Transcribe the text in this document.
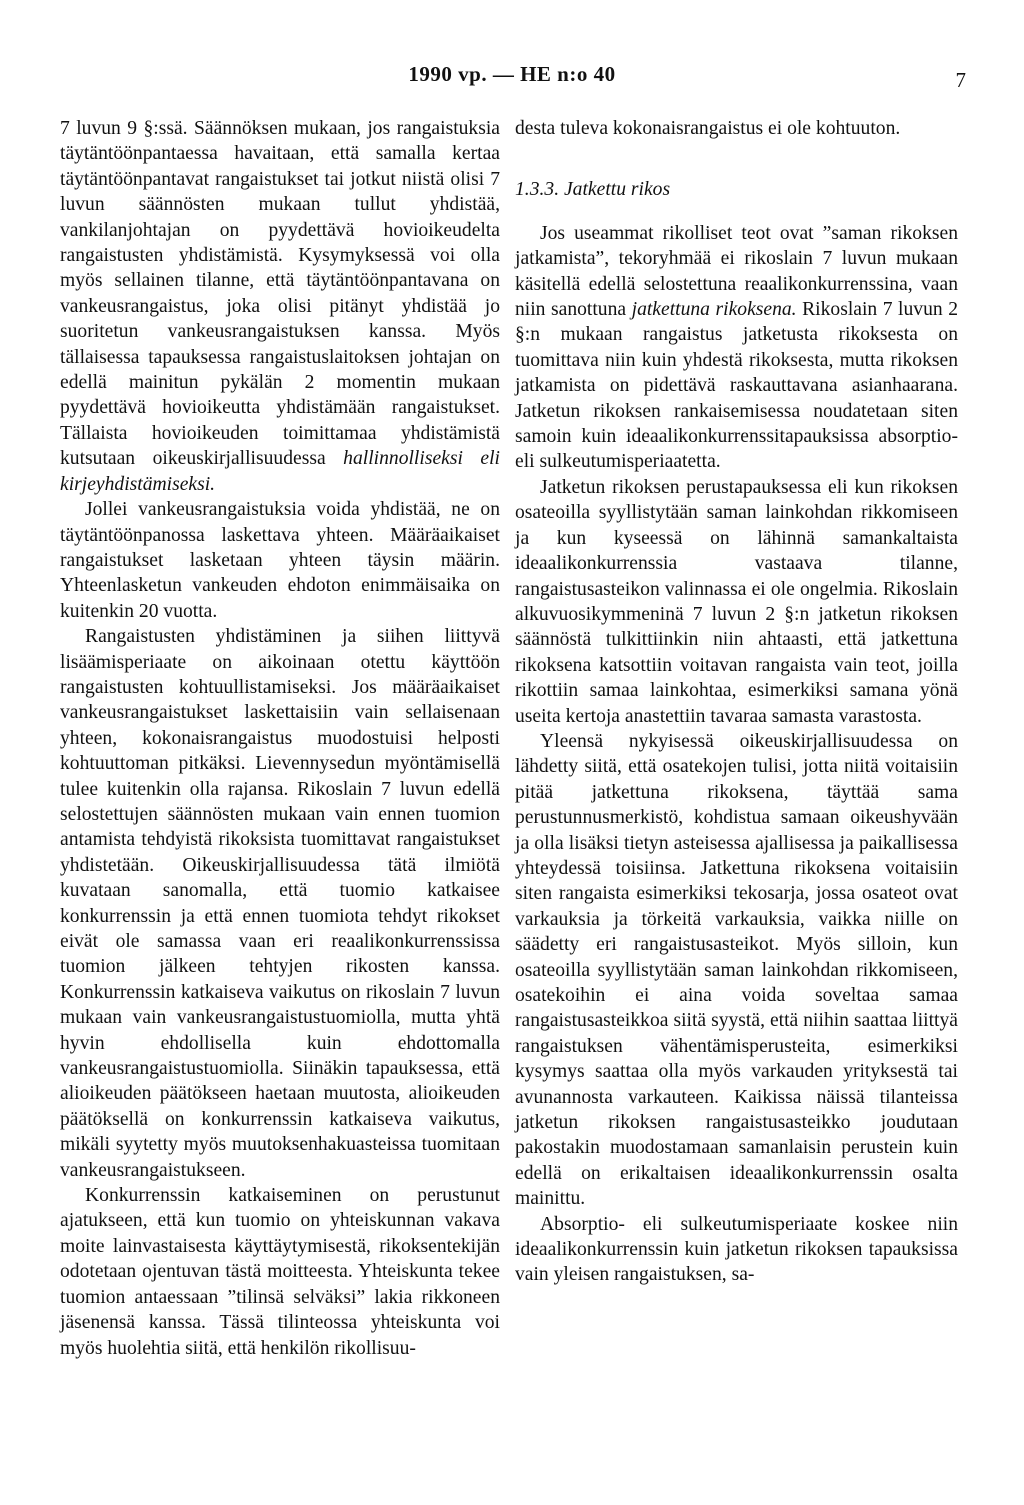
1990 vp. — HE n:o 40	7

7 luvun 9 §:ssä. Säännöksen mukaan, jos rangaistuksia täytäntöönpantaessa havaitaan, että samalla kertaa täytäntöönpantavat rangaistukset tai jotkut niistä olisi 7 luvun säännösten mukaan tullut yhdistää, vankilanjohtajan on pyydettävä hovioikeudelta rangaistusten yhdistämistä. Kysymyksessä voi olla myös sellainen tilanne, että täytäntöönpantavana on vankeusrangaistus, joka olisi pitänyt yhdistää jo suoritetun vankeusrangaistuksen kanssa. Myös tällaisessa tapauksessa rangaistuslaitoksen johtajan on edellä mainitun pykälän 2 momentin mukaan pyydettävä hovioikeutta yhdistämään rangaistukset. Tällaista hovioikeuden toimittamaa yhdistämistä kutsutaan oikeuskirjallisuudessa hallinnolliseksi eli kirjeyhdistämiseksi.

Jollei vankeusrangaistuksia voida yhdistää, ne on täytäntöönpanossa laskettava yhteen. Määräaikaiset rangaistukset lasketaan yhteen täysin määrin. Yhteenlasketun vankeuden ehdoton enimmäisaika on kuitenkin 20 vuotta.

Rangaistusten yhdistäminen ja siihen liittyvä lisäämisperiaate on aikoinaan otettu käyttöön rangaistusten kohtuullistamiseksi. Jos määräaikaiset vankeusrangaistukset laskettaisiin vain sellaisenaan yhteen, kokonaisrangaistus muodostuisi helposti kohtuuttoman pitkäksi. Lievennysedun myöntämisellä tulee kuitenkin olla rajansa. Rikoslain 7 luvun edellä selostettujen säännösten mukaan vain ennen tuomion antamista tehdyistä rikoksista tuomittavat rangaistukset yhdistetään. Oikeuskirjallisuudessa tätä ilmiötä kuvataan sanomalla, että tuomio katkaisee konkurrenssin ja että ennen tuomiota tehdyt rikokset eivät ole samassa vaan eri reaalikonkurrenssissa tuomion jälkeen tehtyjen rikosten kanssa. Konkurrenssin katkaiseva vaikutus on rikoslain 7 luvun mukaan vain vankeusrangaistustuomiolla, mutta yhtä hyvin ehdollisella kuin ehdottomalla vankeusrangaistustuomiolla. Siinäkin tapauksessa, että alioikeuden päätökseen haetaan muutosta, alioikeuden päätöksellä on konkurrenssin katkaiseva vaikutus, mikäli syytetty myös muutoksenhakuasteissa tuomitaan vankeusrangaistukseen.

Konkurrenssin katkaiseminen on perustunut ajatukseen, että kun tuomio on yhteiskunnan vakava moite lainvastaisesta käyttäytymisestä, rikoksentekijän odotetaan ojentuvan tästä moitteesta. Yhteiskunta tekee tuomion antaessaan ”tilinsä selväksi” lakia rikkoneen jäsenensä kanssa. Tässä tilinteossa yhteiskunta voi myös huolehtia siitä, että henkilön rikollisuu-

desta tuleva kokonaisrangaistus ei ole kohtuuton.

1.3.3. Jatkettu rikos

Jos useammat rikolliset teot ovat ”saman rikoksen jatkamista”, tekoryhmää ei rikoslain 7 luvun mukaan käsitellä edellä selostettuna reaalikonkurrenssina, vaan niin sanottuna jatkettuna rikoksena. Rikoslain 7 luvun 2 §:n mukaan rangaistus jatketusta rikoksesta on tuomittava niin kuin yhdestä rikoksesta, mutta rikoksen jatkamista on pidettävä raskauttavana asianhaarana. Jatketun rikoksen rankaisemisessa noudatetaan siten samoin kuin ideaalikonkurrenssitapauksissa absorptio- eli sulkeutumisperiaatetta.

Jatketun rikoksen perustapauksessa eli kun rikoksen osateoilla syyllistytään saman lainkohdan rikkomiseen ja kun kyseessä on lähinnä samankaltaista ideaalikonkurrenssia vastaava tilanne, rangaistusasteikon valinnassa ei ole ongelmia. Rikoslain alkuvuosikymmeninä 7 luvun 2 §:n jatketun rikoksen säännöstä tulkittiinkin niin ahtaasti, että jatkettuna rikoksena katsottiin voitavan rangaista vain teot, joilla rikottiin samaa lainkohtaa, esimerkiksi samana yönä useita kertoja anastettiin tavaraa samasta varastosta.

Yleensä nykyisessä oikeuskirjallisuudessa on lähdetty siitä, että osatekojen tulisi, jotta niitä voitaisiin pitää jatkettuna rikoksena, täyttää sama perustunnusmerkistö, kohdistua samaan oikeushyvään ja olla lisäksi tietyn asteisessa ajallisessa ja paikallisessa yhteydessä toisiinsa. Jatkettuna rikoksena voitaisiin siten rangaista esimerkiksi tekosarja, jossa osateot ovat varkauksia ja törkeitä varkauksia, vaikka niille on säädetty eri rangaistusasteikot. Myös silloin, kun osateoilla syyllistytään saman lainkohdan rikkomiseen, osatekoihin ei aina voida soveltaa samaa rangaistusasteikkoa siitä syystä, että niihin saattaa liittyä rangaistuksen vähentämisperusteita, esimerkiksi kysymys saattaa olla myös varkauden yrityksestä tai avunannosta varkauteen. Kaikissa näissä tilanteissa jatketun rikoksen rangaistusasteikko joudutaan pakostakin muodostamaan samanlaisin perustein kuin edellä on erikaltaisen ideaalikonkurrenssin osalta mainittu.

Absorptio- eli sulkeutumisperiaate koskee niin ideaalikonkurrenssin kuin jatketun rikoksen tapauksissa vain yleisen rangaistuksen, sa-
